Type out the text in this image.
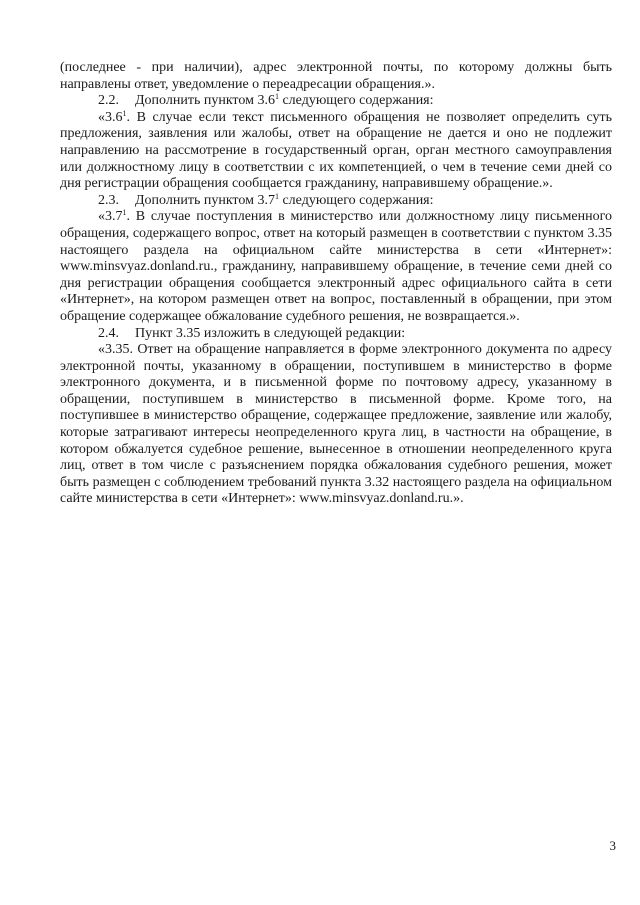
(последнее - при наличии), адрес электронной почты, по которому должны быть направлены ответ, уведомление о переадресации обращения.».

2.2. Дополнить пунктом $3.6^1$ следующего содержания:

«$3.6^1$. В случае если текст письменного обращения не позволяет определить суть предложения, заявления или жалобы, ответ на обращение не дается и оно не подлежит направлению на рассмотрение в государственный орган, орган местного самоуправления или должностному лицу в соответствии с их компетенцией, о чем в течение семи дней со дня регистрации обращения сообщается гражданину, направившему обращение.».

2.3. Дополнить пунктом $3.7^1$ следующего содержания:

«$3.7^1$. В случае поступления в министерство или должностному лицу письменного обращения, содержащего вопрос, ответ на который размещен в соответствии с пунктом 3.35 настоящего раздела на официальном сайте министерства в сети «Интернет»: www.minsvyaz.donland.ru., гражданину, направившему обращение, в течение семи дней со дня регистрации обращения сообщается электронный адрес официального сайта в сети «Интернет», на котором размещен ответ на вопрос, поставленный в обращении, при этом обращение содержащее обжалование судебного решения, не возвращается.».

2.4. Пункт 3.35 изложить в следующей редакции:

«3.35. Ответ на обращение направляется в форме электронного документа по адресу электронной почты, указанному в обращении, поступившем в министерство в форме электронного документа, и в письменной форме по почтовому адресу, указанному в обращении, поступившем в министерство в письменной форме. Кроме того, на поступившее в министерство обращение, содержащее предложение, заявление или жалобу, которые затрагивают интересы неопределенного круга лиц, в частности на обращение, в котором обжалуется судебное решение, вынесенное в отношении неопределенного круга лиц, ответ в том числе с разъяснением порядка обжалования судебного решения, может быть размещен с соблюдением требований пункта 3.32 настоящего раздела на официальном сайте министерства в сети «Интернет»: www.minsvyaz.donland.ru.».

3
